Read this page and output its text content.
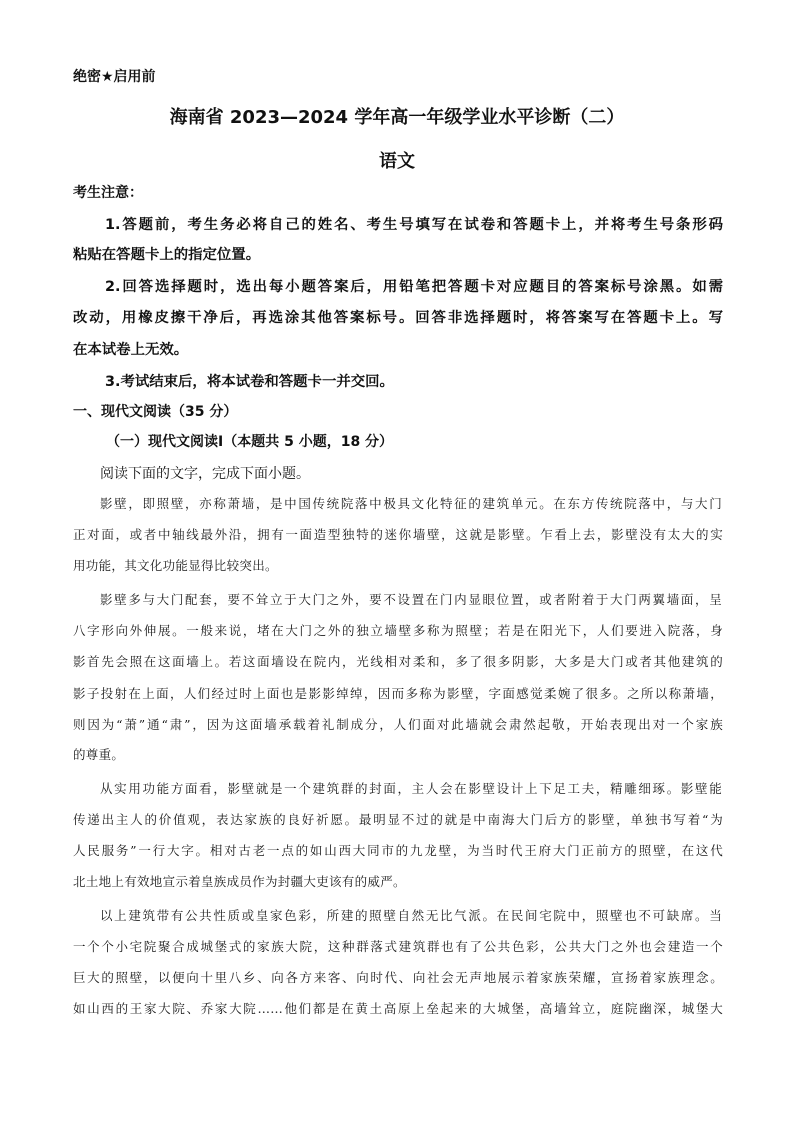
绝密★启用前
海南省 2023—2024 学年高一年级学业水平诊断（二）
语文
考生注意：
1.答题前，考生务必将自己的姓名、考生号填写在试卷和答题卡上，并将考生号条形码
粘贴在答题卡上的指定位置。
2.回答选择题时，选出每小题答案后，用铅笔把答题卡对应题目的答案标号涂黑。如需
改动，用橡皮擦干净后，再选涂其他答案标号。回答非选择题时，将答案写在答题卡上。写
在本试卷上无效。
3.考试结束后，将本试卷和答题卡一并交回。
一、现代文阅读（35 分）
（一）现代文阅读Ⅰ（本题共 5 小题，18 分）
阅读下面的文字，完成下面小题。
影壁，即照壁，亦称萧墙，是中国传统院落中极具文化特征的建筑单元。在东方传统院落中，与大门
正对面，或者中轴线最外沿，拥有一面造型独特的迷你墙壁，这就是影壁。乍看上去，影壁没有太大的实
用功能，其文化功能显得比较突出。
影壁多与大门配套，要不耸立于大门之外，要不设置在门内显眼位置，或者附着于大门两翼墙面，呈
八字形向外伸展。一般来说，堵在大门之外的独立墙壁多称为照壁；若是在阳光下，人们要进入院落，身
影首先会照在这面墙上。若这面墙设在院内，光线相对柔和，多了很多阴影，大多是大门或者其他建筑的
影子投射在上面，人们经过时上面也是影影绰绰，因而多称为影壁，字面感觉柔婉了很多。之所以称萧墙，
则因为“萧”通“肃”，因为这面墙承载着礼制成分，人们面对此墙就会肃然起敬，开始表现出对一个家族
的尊重。
从实用功能方面看，影壁就是一个建筑群的封面，主人会在影壁设计上下足工夫，精雕细琢。影壁能
传递出主人的价值观，表达家族的良好祈愿。最明显不过的就是中南海大门后方的影壁，单独书写着“为
人民服务”一行大字。相对古老一点的如山西大同市的九龙壁，为当时代王府大门正前方的照壁，在这代
北土地上有效地宣示着皇族成员作为封疆大吏该有的威严。
以上建筑带有公共性质或皇家色彩，所建的照壁自然无比气派。在民间宅院中，照壁也不可缺席。当
一个个小宅院聚合成城堡式的家族大院，这种群落式建筑群也有了公共色彩，公共大门之外也会建造一个
巨大的照壁，以便向十里八乡、向各方来客、向时代、向社会无声地展示着家族荣耀，宣扬着家族理念。
如山西的王家大院、乔家大院……他们都是在黄土高原上垒起来的大城堡，高墙耸立，庭院幽深，城堡大
